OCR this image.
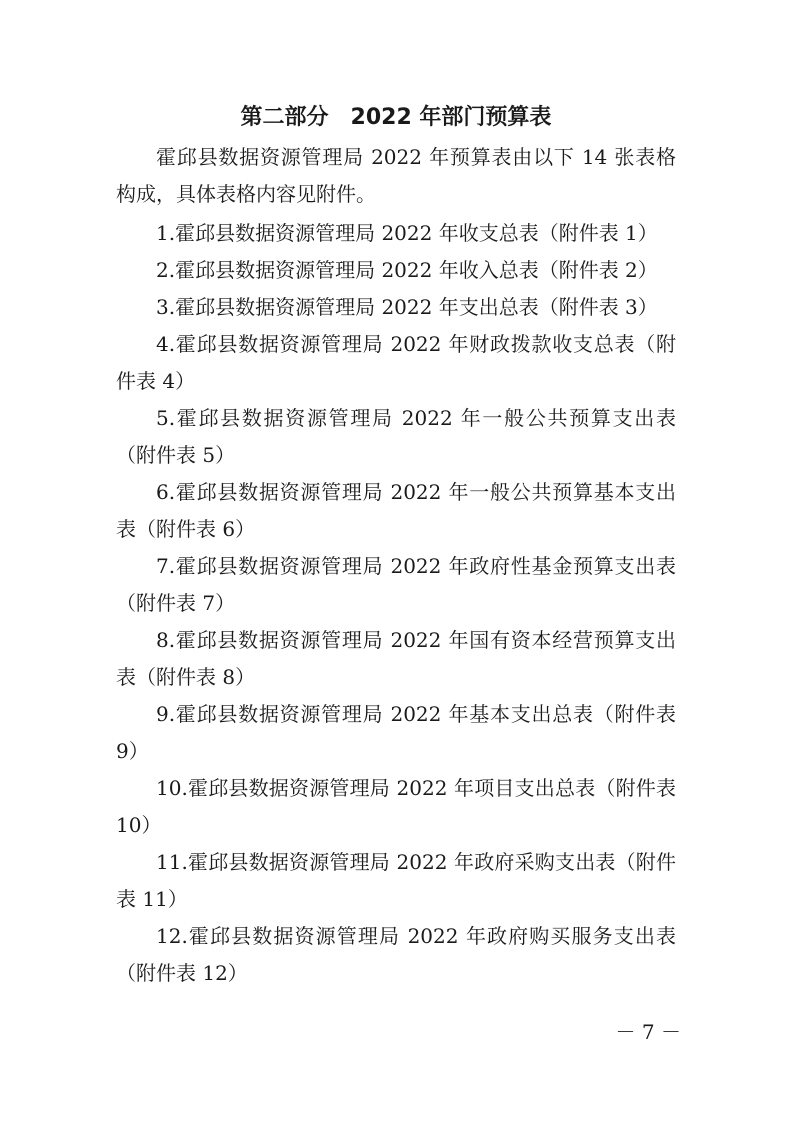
第二部分　2022 年部门预算表

霍邱县数据资源管理局 2022 年预算表由以下 14 张表格构成，具体表格内容见附件。

1.霍邱县数据资源管理局 2022 年收支总表（附件表 1）

2.霍邱县数据资源管理局 2022 年收入总表（附件表 2）

3.霍邱县数据资源管理局 2022 年支出总表（附件表 3）

4.霍邱县数据资源管理局 2022 年财政拨款收支总表（附件表 4）

5.霍邱县数据资源管理局 2022 年一般公共预算支出表（附件表 5）

6.霍邱县数据资源管理局 2022 年一般公共预算基本支出表（附件表 6）

7.霍邱县数据资源管理局 2022 年政府性基金预算支出表（附件表 7）

8.霍邱县数据资源管理局 2022 年国有资本经营预算支出表（附件表 8）

9.霍邱县数据资源管理局 2022 年基本支出总表（附件表 9）

10.霍邱县数据资源管理局 2022 年项目支出总表（附件表 10）

11.霍邱县数据资源管理局 2022 年政府采购支出表（附件表 11）

12.霍邱县数据资源管理局 2022 年政府购买服务支出表（附件表 12）

－ 7 －
